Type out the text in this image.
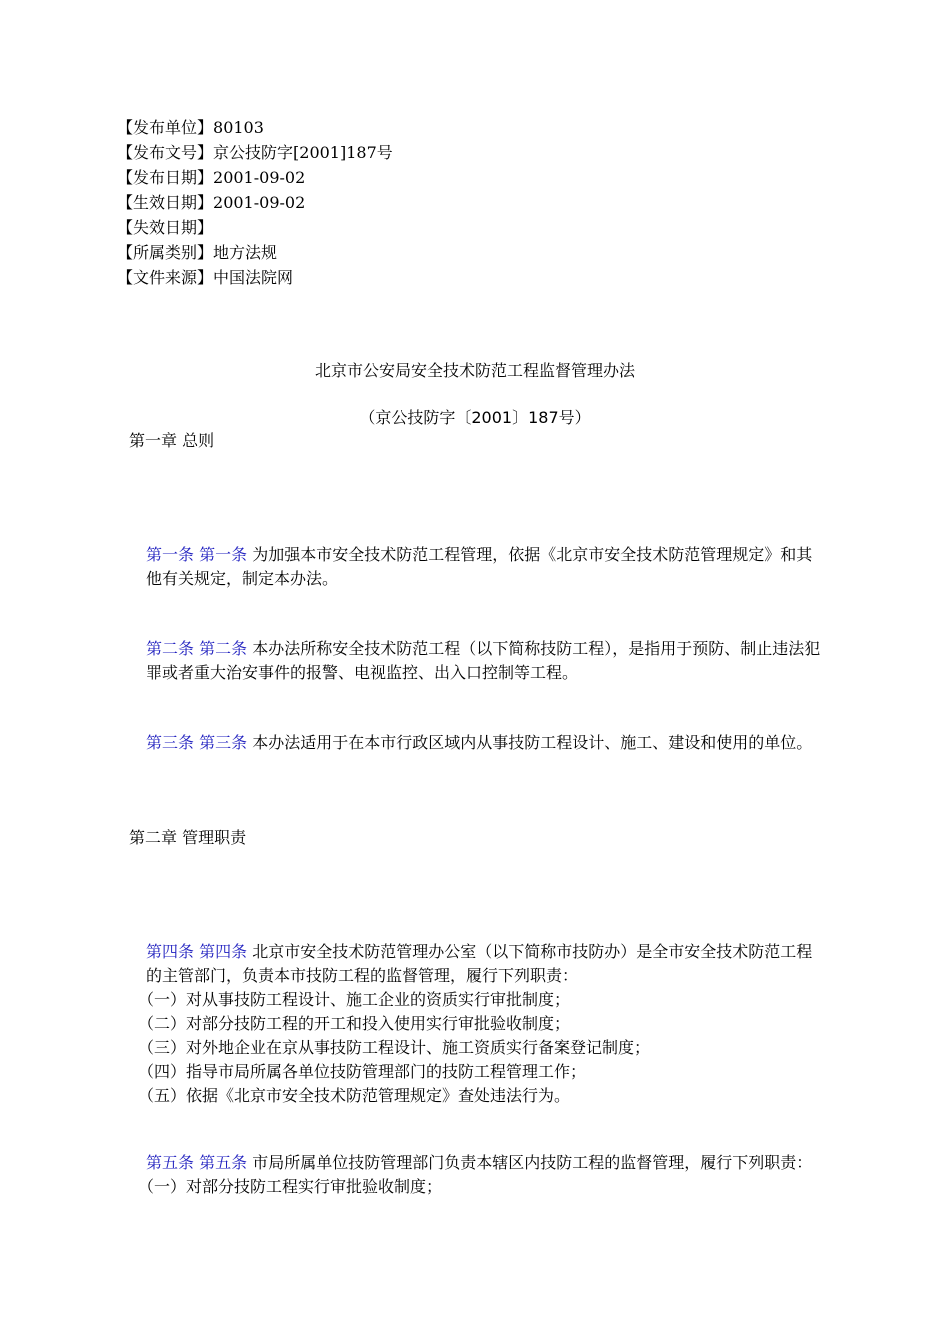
【发布单位】80103
【发布文号】京公技防字[2001]187号
【发布日期】2001-09-02
【生效日期】2001-09-02
【失效日期】
【所属类别】地方法规
【文件来源】中国法院网
北京市公安局安全技术防范工程监督管理办法
（京公技防字〔2001〕187号）
第一章 总则
第一条 第一条 为加强本市安全技术防范工程管理，依据《北京市安全技术防范管理规定》和其他有关规定，制定本办法。
第二条 第二条 本办法所称安全技术防范工程（以下简称技防工程），是指用于预防、制止违法犯罪或者重大治安事件的报警、电视监控、出入口控制等工程。
第三条 第三条 本办法适用于在本市行政区域内从事技防工程设计、施工、建设和使用的单位。
第二章 管理职责
第四条 第四条 北京市安全技术防范管理办公室（以下简称市技防办）是全市安全技术防范工程的主管部门，负责本市技防工程的监督管理，履行下列职责：
（一）对从事技防工程设计、施工企业的资质实行审批制度；
（二）对部分技防工程的开工和投入使用实行审批验收制度；
（三）对外地企业在京从事技防工程设计、施工资质实行备案登记制度；
（四）指导市局所属各单位技防管理部门的技防工程管理工作；
（五）依据《北京市安全技术防范管理规定》查处违法行为。
第五条 第五条 市局所属单位技防管理部门负责本辖区内技防工程的监督管理，履行下列职责：
（一）对部分技防工程实行审批验收制度；
